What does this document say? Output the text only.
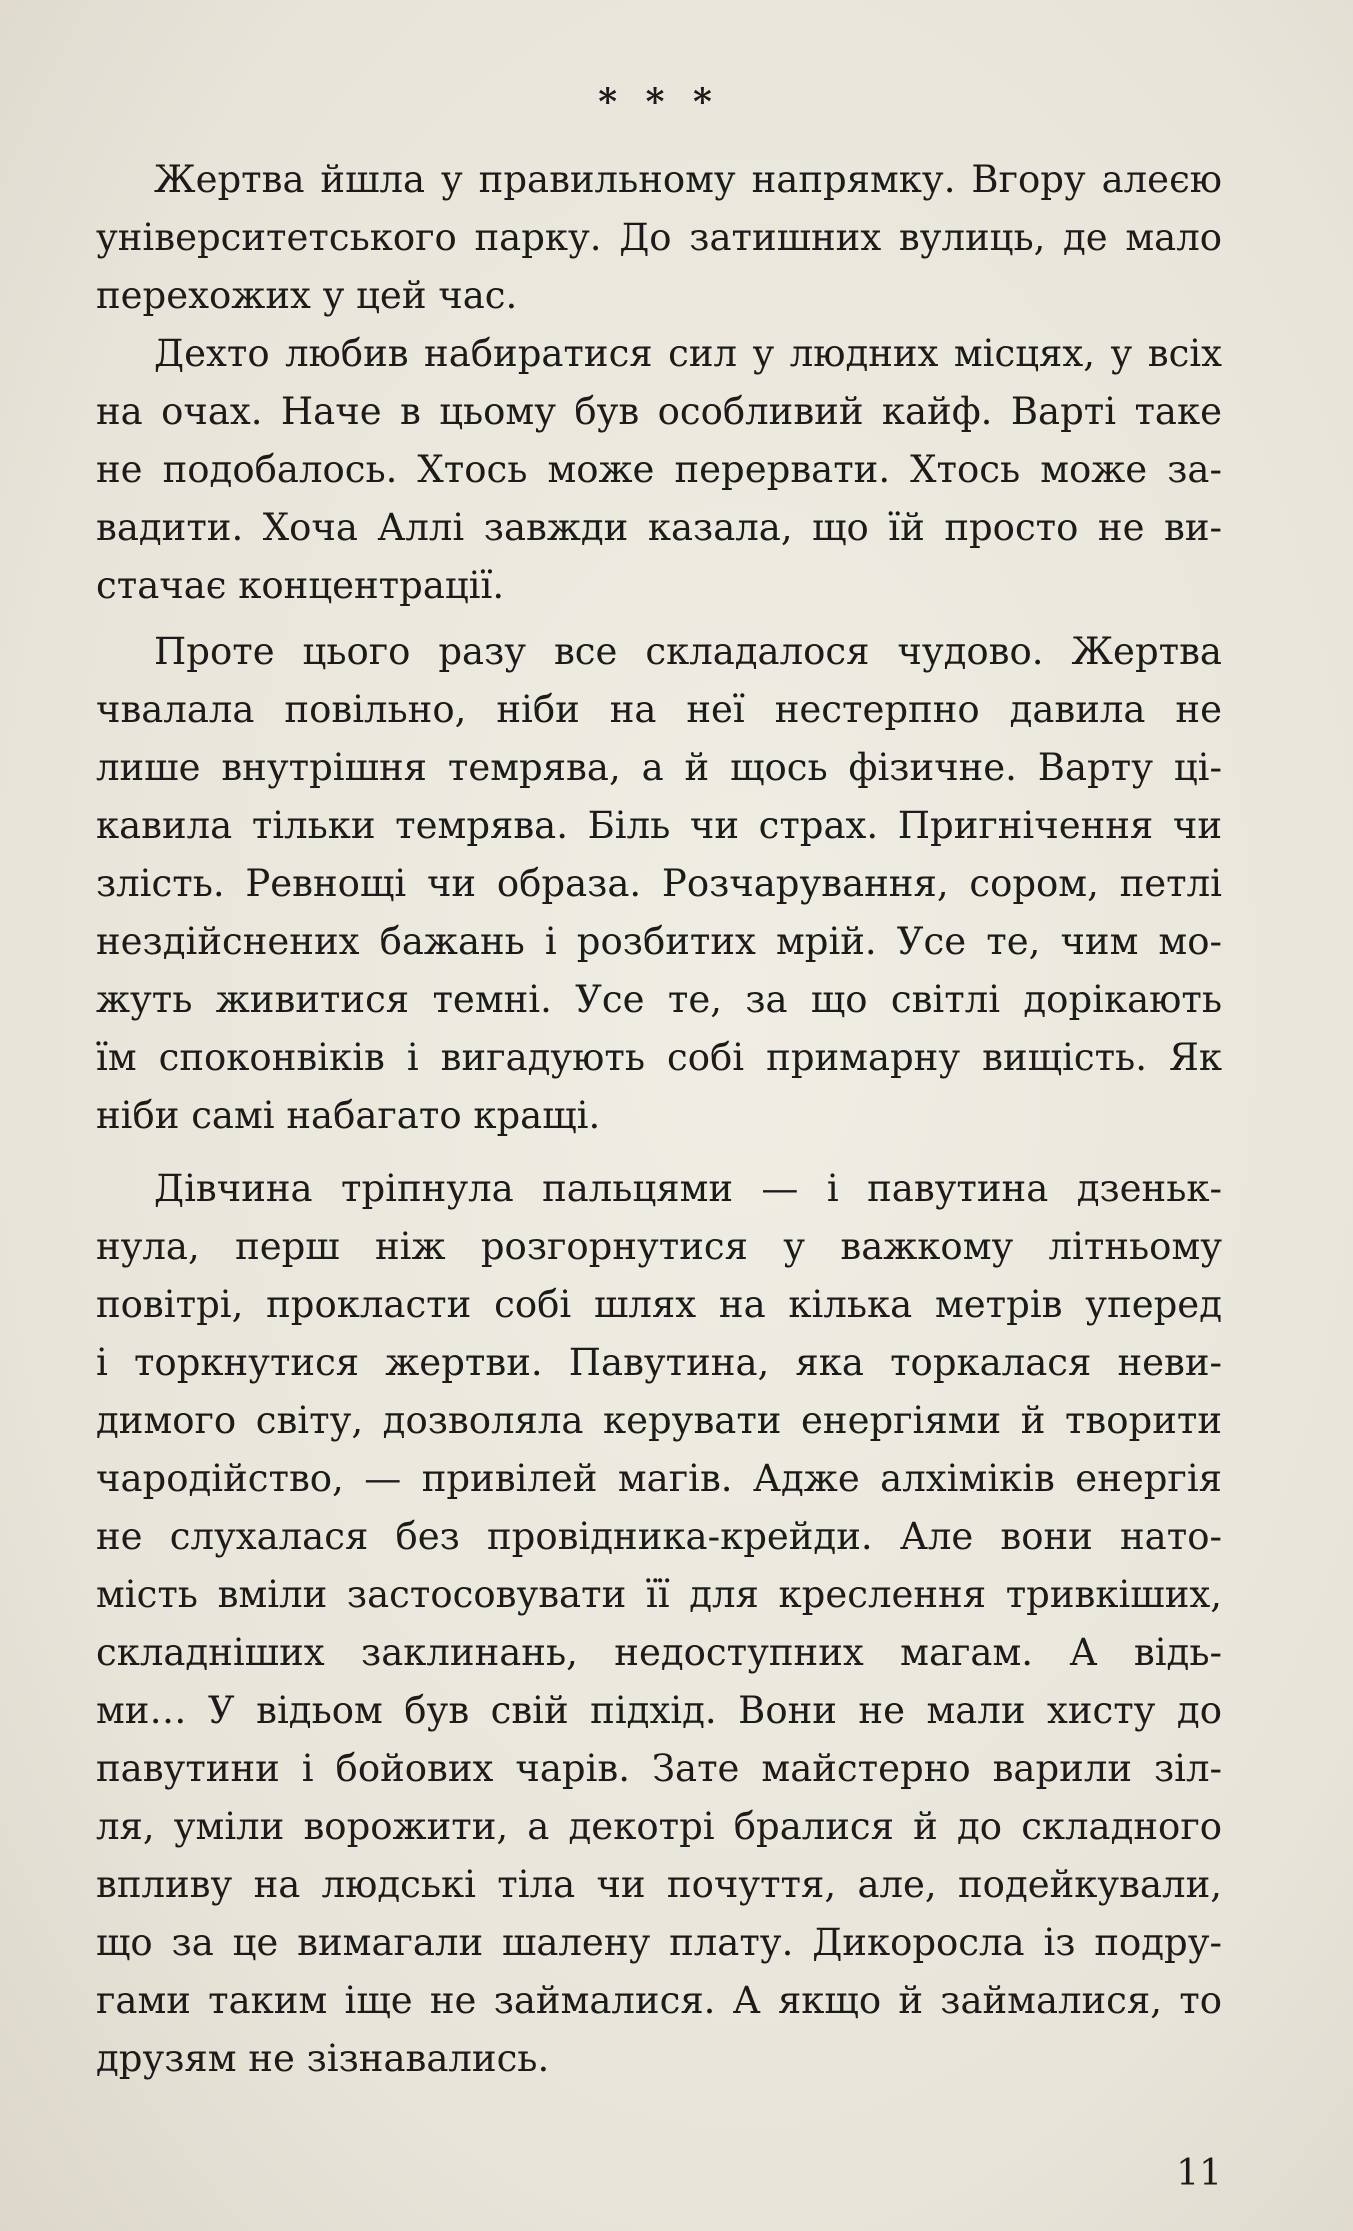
* * *
Жертва йшла у правильному напрямку. Вгору алеєю
університетського парку. До затишних вулиць, де мало
перехожих у цей час.
Дехто любив набиратися сил у людних місцях, у всіх
на очах. Наче в цьому був особливий кайф. Варті таке
не подобалось. Хтось може перервати. Хтось може за-
вадити. Хоча Аллі завжди казала, що їй просто не ви-
стачає концентрації.
Проте цього разу все складалося чудово. Жертва
чвалала повільно, ніби на неї нестерпно давила не
лише внутрішня темрява, а й щось фізичне. Варту ці-
кавила тільки темрява. Біль чи страх. Пригнічення чи
злість. Ревнощі чи образа. Розчарування, сором, петлі
нездійснених бажань і розбитих мрій. Усе те, чим мо-
жуть живитися темні. Усе те, за що світлі дорікають
їм споконвіків і вигадують собі примарну вищість. Як
ніби самі набагато кращі.
Дівчина тріпнула пальцями — і павутина дзеньк-
нула, перш ніж розгорнутися у важкому літньому
повітрі, прокласти собі шлях на кілька метрів уперед
і торкнутися жертви. Павутина, яка торкалася неви-
димого світу, дозволяла керувати енергіями й творити
чародійство, — привілей магів. Адже алхіміків енергія
не слухалася без провідника-крейди. Але вони нато-
мість вміли застосовувати її для креслення тривкіших,
складніших заклинань, недоступних магам. А відь-
ми… У відьом був свій підхід. Вони не мали хисту до
павутини і бойових чарів. Зате майстерно варили зіл-
ля, уміли ворожити, а декотрі бралися й до складного
впливу на людські тіла чи почуття, але, подейкували,
що за це вимагали шалену плату. Дикоросла із подру-
гами таким іще не займалися. А якщо й займалися, то
друзям не зізнавались.
11
